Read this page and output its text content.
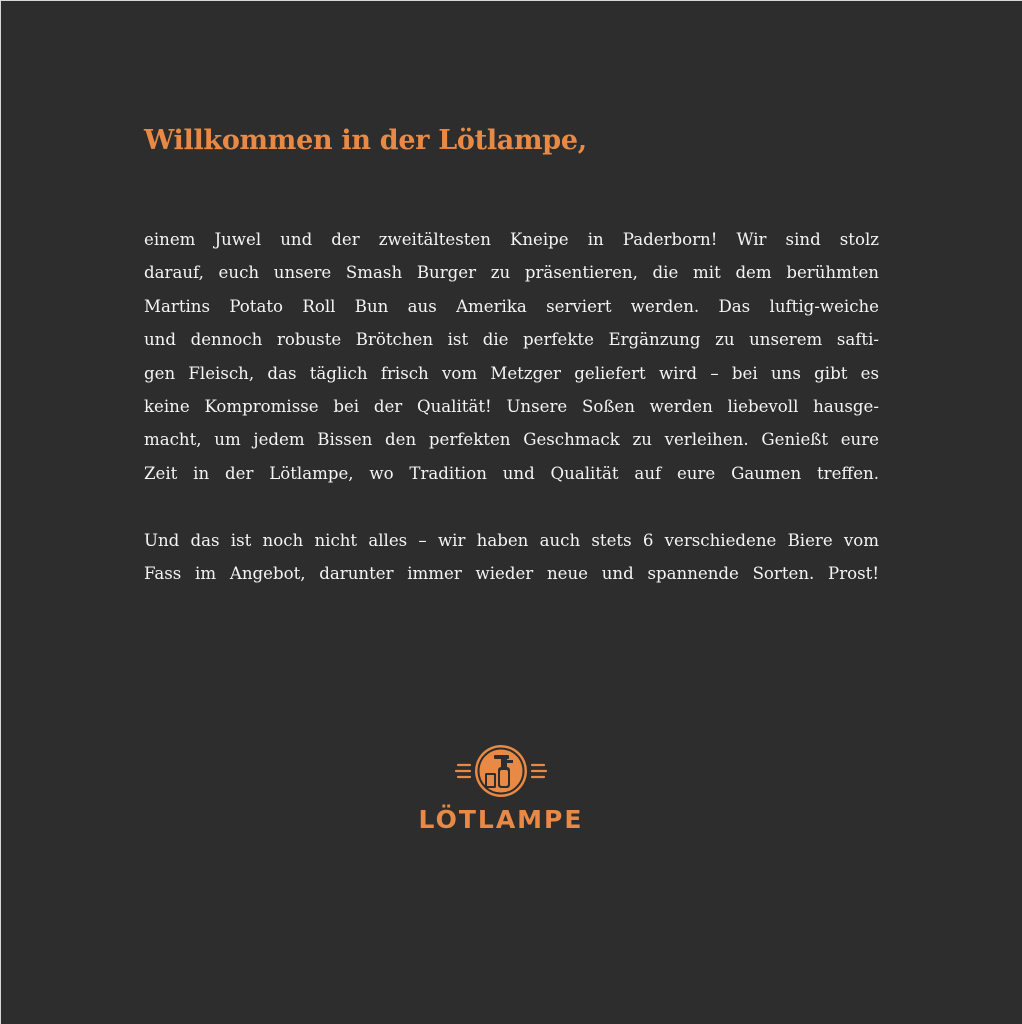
Willkommen in der Lötlampe,
einem Juwel und der zweitältesten Kneipe in Paderborn! Wir sind stolz
darauf, euch unsere Smash Burger zu präsentieren, die mit dem berühmten
Martins Potato Roll Bun aus Amerika serviert werden. Das luftig-weiche
und dennoch robuste Brötchen ist die perfekte Ergänzung zu unserem safti-
gen Fleisch, das täglich frisch vom Metzger geliefert wird – bei uns gibt es
keine Kompromisse bei der Qualität! Unsere Soßen werden liebevoll hausge-
macht, um jedem Bissen den perfekten Geschmack zu verleihen. Genießt eure
Zeit in der Lötlampe, wo Tradition und Qualität auf eure Gaumen treffen.
Und das ist noch nicht alles – wir haben auch stets 6 verschiedene Biere vom
Fass im Angebot, darunter immer wieder neue und spannende Sorten. Prost!
LÖTLAMPE
